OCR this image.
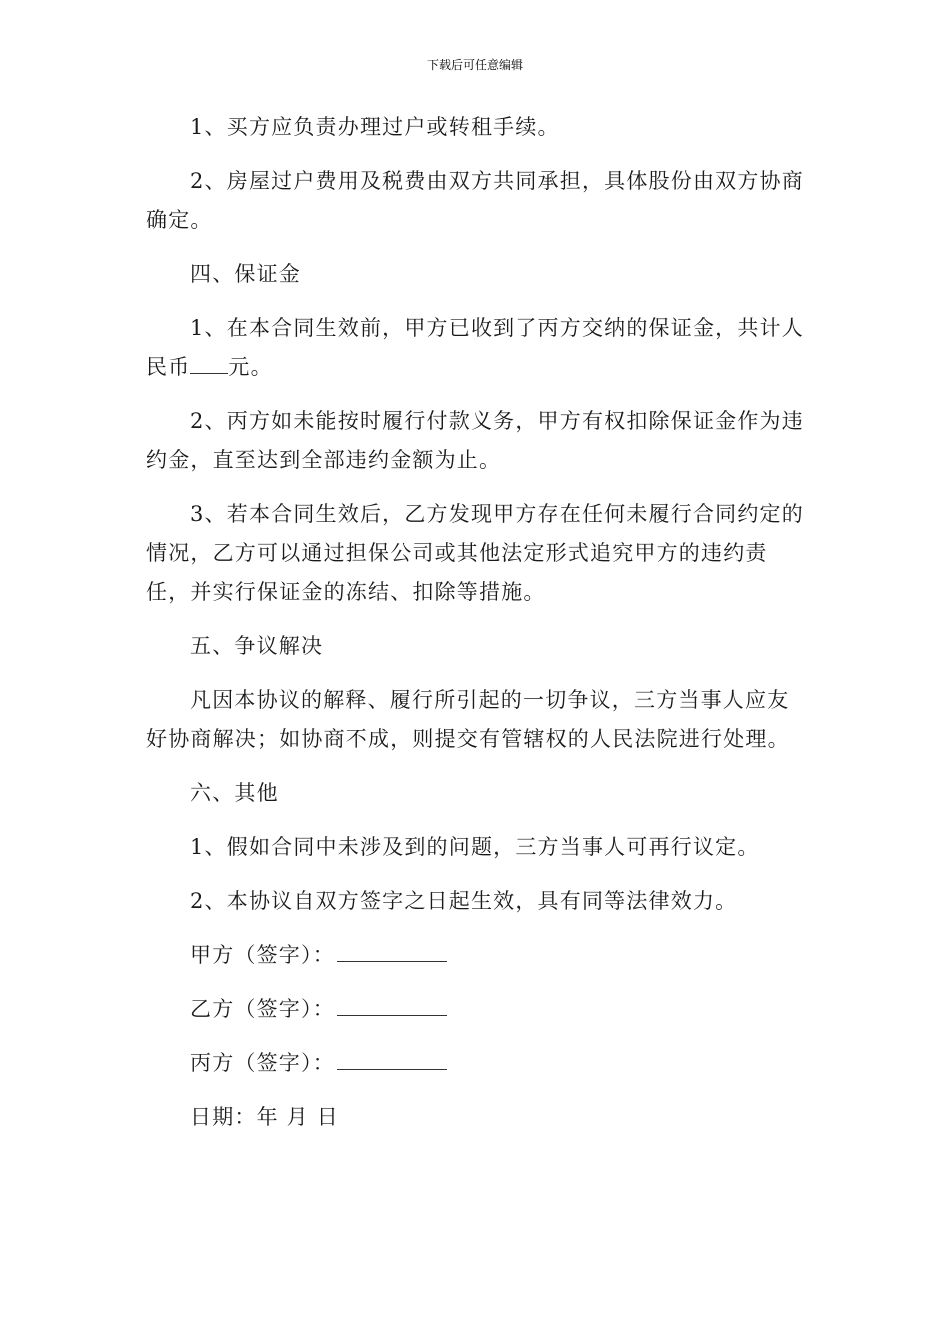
下载后可任意编辑

1、买方应负责办理过户或转租手续。

2、房屋过户费用及税费由双方共同承担，具体股份由双方协商确定。

四、保证金

1、在本合同生效前，甲方已收到了丙方交纳的保证金，共计人民币 元。

2、丙方如未能按时履行付款义务，甲方有权扣除保证金作为违约金，直至达到全部违约金额为止。

3、若本合同生效后，乙方发现甲方存在任何未履行合同约定的情况，乙方可以通过担保公司或其他法定形式追究甲方的违约责任，并实行保证金的冻结、扣除等措施。

五、争议解决

凡因本协议的解释、履行所引起的一切争议，三方当事人应友好协商解决；如协商不成，则提交有管辖权的人民法院进行处理。

六、其他

1、假如合同中未涉及到的问题，三方当事人可再行议定。

2、本协议自双方签字之日起生效，具有同等法律效力。

甲方（签字）：

乙方（签字）：

丙方（签字）：

日期：年 月 日
